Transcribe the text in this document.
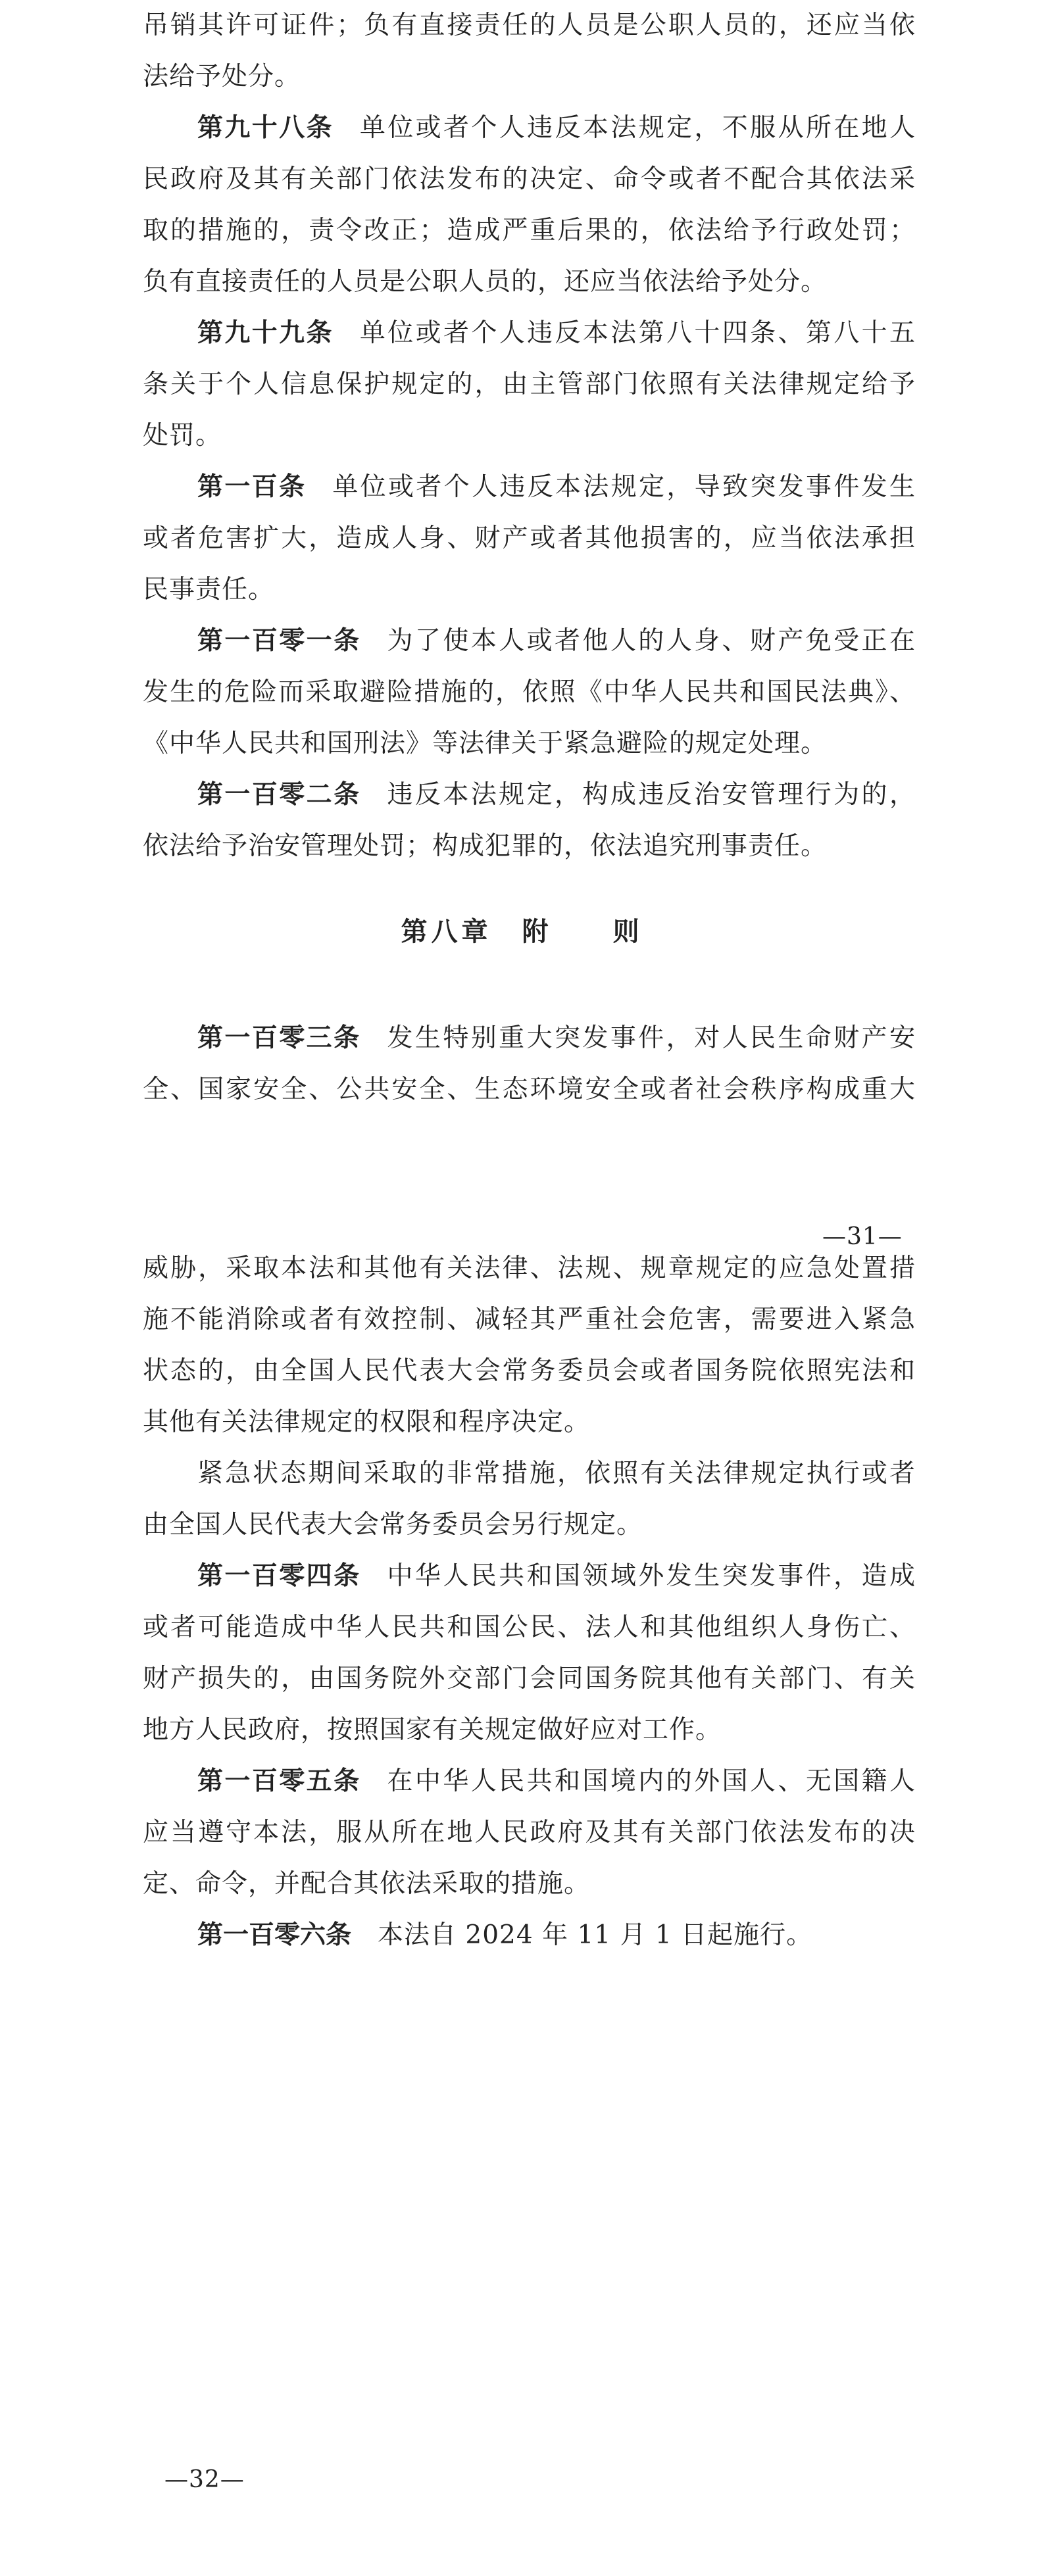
吊销其许可证件；负有直接责任的人员是公职人员的，还应当依
法给予处分。
第九十八条 单位或者个人违反本法规定，不服从所在地人
民政府及其有关部门依法发布的决定、命令或者不配合其依法采
取的措施的，责令改正；造成严重后果的，依法给予行政处罚；
负有直接责任的人员是公职人员的，还应当依法给予处分。
第九十九条 单位或者个人违反本法第八十四条、第八十五
条关于个人信息保护规定的，由主管部门依照有关法律规定给予
处罚。
第一百条 单位或者个人违反本法规定，导致突发事件发生
或者危害扩大，造成人身、财产或者其他损害的，应当依法承担
民事责任。
第一百零一条 为了使本人或者他人的人身、财产免受正在
发生的危险而采取避险措施的，依照《中华人民共和国民法典》、
《中华人民共和国刑法》等法律关于紧急避险的规定处理。
第一百零二条 违反本法规定，构成违反治安管理行为的，
依法给予治安管理处罚；构成犯罪的，依法追究刑事责任。
第八章　附　　则
第一百零三条 发生特别重大突发事件，对人民生命财产安
全、国家安全、公共安全、生态环境安全或者社会秩序构成重大
—31—
威胁，采取本法和其他有关法律、法规、规章规定的应急处置措
施不能消除或者有效控制、减轻其严重社会危害，需要进入紧急
状态的，由全国人民代表大会常务委员会或者国务院依照宪法和
其他有关法律规定的权限和程序决定。
紧急状态期间采取的非常措施，依照有关法律规定执行或者
由全国人民代表大会常务委员会另行规定。
第一百零四条 中华人民共和国领域外发生突发事件，造成
或者可能造成中华人民共和国公民、法人和其他组织人身伤亡、
财产损失的，由国务院外交部门会同国务院其他有关部门、有关
地方人民政府，按照国家有关规定做好应对工作。
第一百零五条 在中华人民共和国境内的外国人、无国籍人
应当遵守本法，服从所在地人民政府及其有关部门依法发布的决
定、命令，并配合其依法采取的措施。
第一百零六条 本法自 2024 年 11 月 1 日起施行。
—32—
